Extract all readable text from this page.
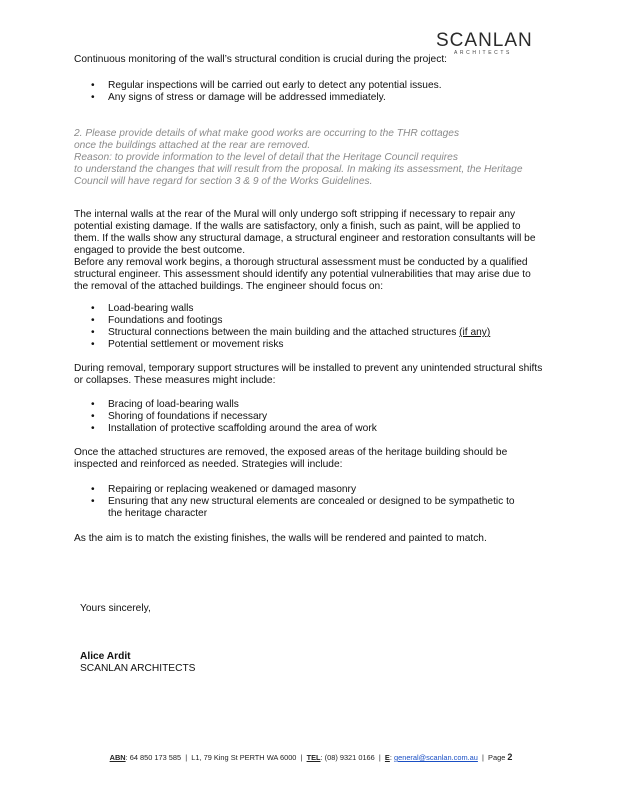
SCANLAN
ARCHITECTS

Continuous monitoring of the wall’s structural condition is crucial during the project:

• Regular inspections will be carried out early to detect any potential issues.
• Any signs of stress or damage will be addressed immediately.
2. Please provide details of what make good works are occurring to the THR cottages
once the buildings attached at the rear are removed.
Reason: to provide information to the level of detail that the Heritage Council requires
to understand the changes that will result from the proposal. In making its assessment, the Heritage
Council will have regard for section 3 & 9 of the Works Guidelines.

The internal walls at the rear of the Mural will only undergo soft stripping if necessary to repair any potential existing damage. If the walls are satisfactory, only a finish, such as paint, will be applied to them. If the walls show any structural damage, a structural engineer and restoration consultants will be engaged to provide the best outcome.

Before any removal work begins, a thorough structural assessment must be conducted by a qualified structural engineer. This assessment should identify any potential vulnerabilities that may arise due to the removal of the attached buildings. The engineer should focus on:

• Load-bearing walls
• Foundations and footings
• Structural connections between the main building and the attached structures (if any)
• Potential settlement or movement risks

During removal, temporary support structures will be installed to prevent any unintended structural shifts or collapses. These measures might include:

• Bracing of load-bearing walls
• Shoring of foundations if necessary
• Installation of protective scaffolding around the area of work

Once the attached structures are removed, the exposed areas of the heritage building should be inspected and reinforced as needed. Strategies will include:

• Repairing or replacing weakened or damaged masonry
• Ensuring that any new structural elements are concealed or designed to be sympathetic to the heritage character

As the aim is to match the existing finishes, the walls will be rendered and painted to match.

Yours sincerely,
Alice Ardit
SCANLAN ARCHITECTS
ABN: 64 850 173 585 | L1, 79 King St PERTH WA 6000 | TEL: (08) 9321 0166 | E: general@scanlan.com.au | Page 2
